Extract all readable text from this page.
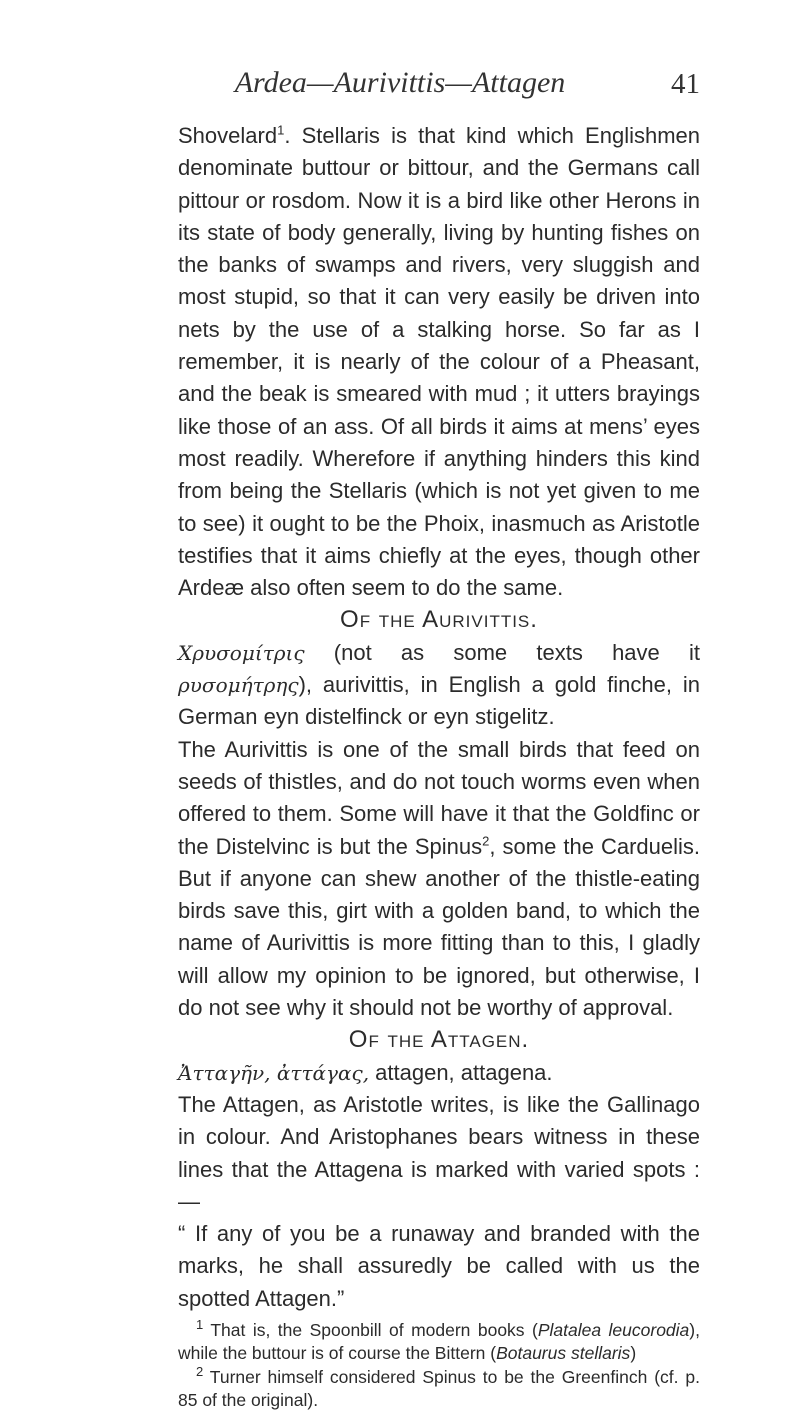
Ardea—Aurivittis—Attagen	41

Shovelard$^1$. Stellaris is that kind which Englishmen denominate buttour or bittour, and the Germans call pittour or rosdom. Now it is a bird like other Herons in its state of body generally, living by hunting fishes on the banks of swamps and rivers, very sluggish and most stupid, so that it can very easily be driven into nets by the use of a stalking horse. So far as I remember, it is nearly of the colour of a Pheasant, and the beak is smeared with mud ; it utters brayings like those of an ass. Of all birds it aims at mens’ eyes most readily. Wherefore if anything hinders this kind from being the Stellaris (which is not yet given to me to see) it ought to be the Phoix, inasmuch as Aristotle testifies that it aims chiefly at the eyes, though other Ardeæ also often seem to do the same.

Of the Aurivittis.

Χρυσομίτρις (not as some texts have it ρυσομήτρης), aurivittis, in English a gold finche, in German eyn distelfinck or eyn stigelitz.

The Aurivittis is one of the small birds that feed on seeds of thistles, and do not touch worms even when offered to them. Some will have it that the Goldfinc or the Distelvinc is but the Spinus$^2$, some the Carduelis. But if anyone can shew another of the thistle-eating birds save this, girt with a golden band, to which the name of Aurivittis is more fitting than to this, I gladly will allow my opinion to be ignored, but otherwise, I do not see why it should not be worthy of approval.

Of the Attagen.

Ἀτταγῆν, ἀττάγας, attagen, attagena.

The Attagen, as Aristotle writes, is like the Gallinago in colour. And Aristophanes bears witness in these lines that the Attagena is marked with varied spots :—

“ If any of you be a runaway and branded with the marks, he shall assuredly be called with us the spotted Attagen.”

$^1$ That is, the Spoonbill of modern books (Platalea leucorodia), while the buttour is of course the Bittern (Botaurus stellaris)

$^2$ Turner himself considered Spinus to be the Greenfinch (cf. p. 85 of the original).
